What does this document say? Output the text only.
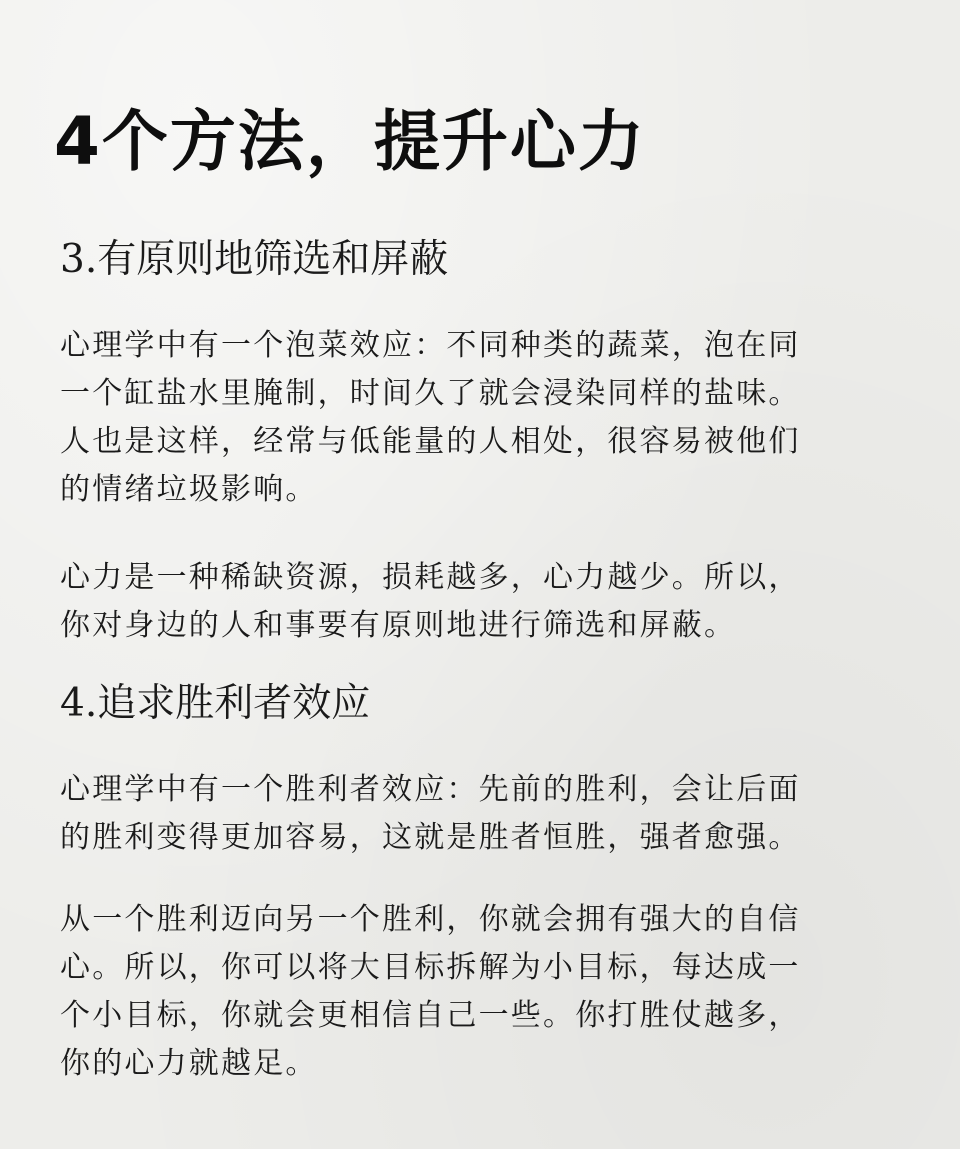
4个方法，提升心力
3.有原则地筛选和屏蔽
心理学中有一个泡菜效应：不同种类的蔬菜，泡在同
一个缸盐水里腌制，时间久了就会浸染同样的盐味。
人也是这样，经常与低能量的人相处，很容易被他们
的情绪垃圾影响。
心力是一种稀缺资源，损耗越多，心力越少。所以，
你对身边的人和事要有原则地进行筛选和屏蔽。
4.追求胜利者效应
心理学中有一个胜利者效应：先前的胜利，会让后面
的胜利变得更加容易，这就是胜者恒胜，强者愈强。
从一个胜利迈向另一个胜利，你就会拥有强大的自信
心。所以，你可以将大目标拆解为小目标，每达成一
个小目标，你就会更相信自己一些。你打胜仗越多，
你的心力就越足。
